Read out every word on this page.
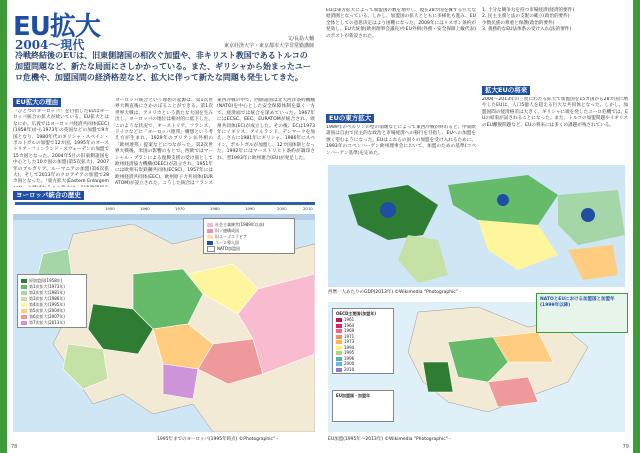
EU拡大
2004～現代	文/長島大輔
東京経済大学・東京都市大学非常勤講師
冷戦終結後のEUは、旧東側諸国の相次ぐ加盟や、非キリスト教国であるトルコの加盟問題など、新たな局面にさしかかっている。また、ギリシャから始まったユーロ危機や、加盟国間の経済格差など、拡大に伴って新たな問題も発生してきた。
EU拡大の理由
「ひとつのヨーロッパ」を目指したEUはヨーロッパ統合の拡大が続いている。EU拡大とはなにか。広義ではヨーロッパ経済共同体(EEC)(1958年)から1973年の英国などの加盟で9カ国となり、1980年代のギリシャ・スペイン・ポルトガルの加盟で12カ国、1995年のオーストリア・フィンランド・スウェーデンの加盟で15カ国となった。2004年5月の旧東側諸国を中心とした10カ国の加盟(第5次拡大)、2007年のブルガリア、ルーマニアの加盟(第6次拡大)、そして2013年のクロアチアの加盟で28カ国となった。「東方拡大(Eastern Enlargem
ヨーロッパ統合という理想の起源は、第1次世界大戦直後にさかのぼることができる。第1次世界大戦は、アメリカという新たな大国を生み出し、ヨーロッパの地位は相対的に低下した。このような状況で、オーストリア、フランス、ドイツなどに「ヨーロッパ連邦」構想という考え方が生まれ、1929年のブリアン仏外相の「欧州連邦」提案などにつながった。第2次世界大戦後、米国の影響のもとで、西欧ではマーシャル・プランによる復興支援の受け皿として欧州経済協力機構(OEEC)が設立され、1951年には欧州石炭鉄鋼共同体(ECSC)、1957年には欧州経済共同体(EEC)、欧州原子力共同体(EURATOM)が設立された。こうした統合はフランス
東西冷戦の中で、西側諸国は北大西洋条約機構(NATO)を中心とした安全保障体制を築く一方で、経済面では統合を深めていった。1967年にはECSC、EEC、EURATOMが統合され、欧州共同体(EC)が成立した。その後、ECは1973年にイギリス、アイルランド、デンマークを加え、さらに1981年にギリシャ、1986年にスペイン、ポルトガルが加盟し、12カ国体制となった。1992年にはマーストリヒト条約が調印され、翌1993年に欧州連合(EU)が発足した。
ヨーロッパ統合の歴史
1950	1960	1970	1980	1990	2000	2010
原加盟国(1958年)
第1次拡大(1973年)
第2次拡大(1981年)
第3次拡大(1986年)
第4次拡大(1995年)
第5次拡大(2004年)
第6次拡大(2007年)
第7次拡大(2013年)
社会主義陣営(1989年以前)
旧ソ連構成国
旧ユーゴスラビア
ユーロ導入国
NATO加盟国
1995年までのヨーロッパ(1995年時点) ©Photographic"・
78
EUは東方拡大によって加盟国の数を増やし、現在28カ国を擁する巨大な経済圏となっている。しかし、加盟国の拡大とともに多様化も進み、EU全体としての意思決定はより困難になった。2009年にはリスボン条約が発効し、EU大統領(欧州理事会議長)やEU外相(外務・安全保障上級代表)のポストが新設された。
1. 十分な競争力を持つ市場経済(経済的要件)
2. 民主主義と法の支配の確立(政治的要件)
少数民族の尊重と保護(政治的要件)
3. 義務的なEU法体系の受け入れ(法的要件)
EUの東方拡大
1989年のベルリンの壁の崩壊などによって東西冷戦が終わると、中東欧諸国は自由で民主的な政治と市場経済への移行を目指し、EUへの加盟を強く望むようになった。EUはこれらの国々の加盟を受け入れるために、1993年のコペンハーゲン欧州理事会において、加盟のための基準(コペンハーゲン基準)を定めた。
拡大EUの将来
2004～2013年の三度にわたる拡大で加盟国を15カ国から28カ国に増やしたEUは、人口5億人を超える巨大な共同体となった。しかし、加盟国間の経済格差は大きく、ギリシャに端を発したユーロ危機では、EUの結束が試されることになった。また、トルコの加盟問題やイギリスのEU離脱問題など、EUの将来には多くの課題が残されている。
西暦一人あたりのGDP(2013年) ©Wikimedia "Photographic"・
OECD主要国(加盟年)
1961
1964
1969
1971
1973
1994
1995
1996
2000
2010
EU加盟国・加盟年
NATOとEUにおける加盟国と加盟年(1999年以降)
EU加盟(1995年〜2013年) ©Wikimedia "Photographic"・
79
